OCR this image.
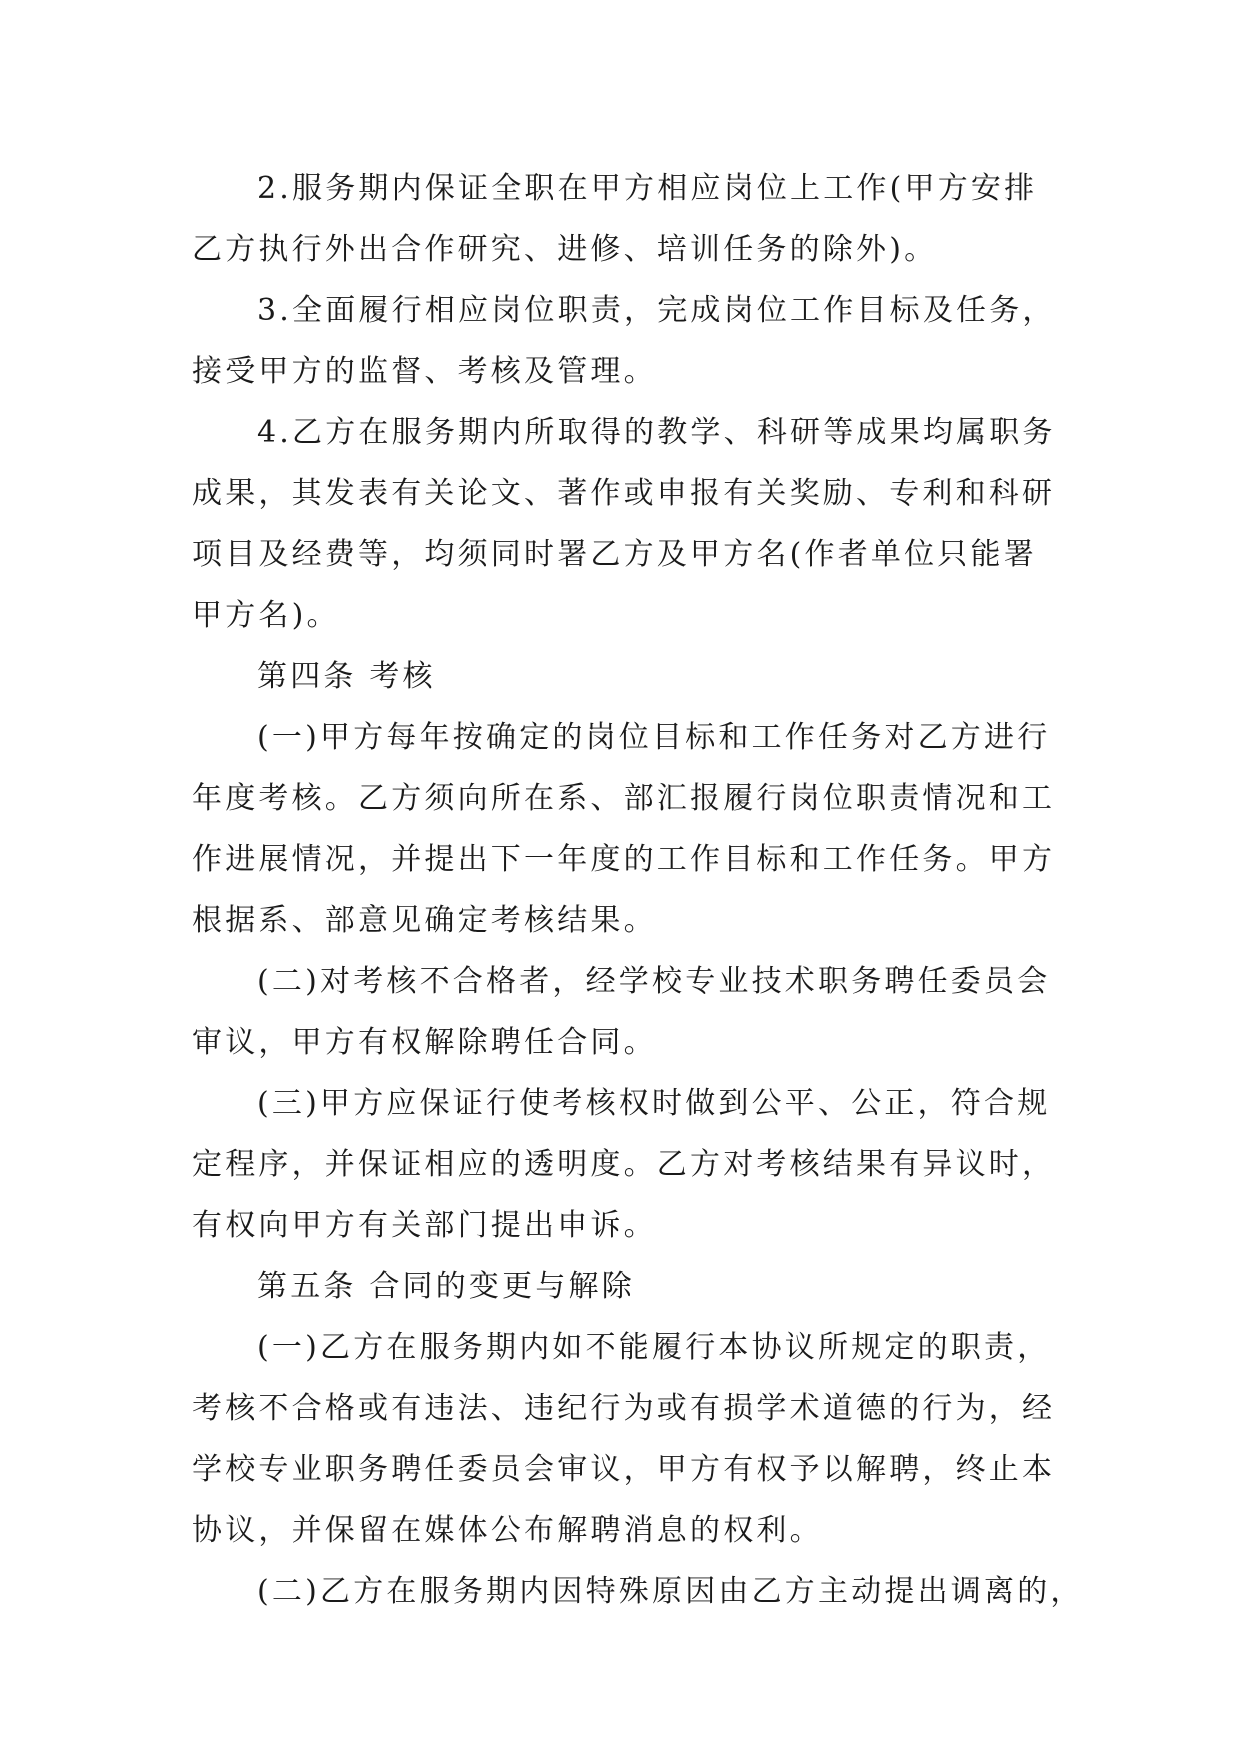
2.服务期内保证全职在甲方相应岗位上工作(甲方安排
乙方执行外出合作研究、进修、培训任务的除外)。

3.全面履行相应岗位职责，完成岗位工作目标及任务，
接受甲方的监督、考核及管理。

4.乙方在服务期内所取得的教学、科研等成果均属职务
成果，其发表有关论文、著作或申报有关奖励、专利和科研
项目及经费等，均须同时署乙方及甲方名(作者单位只能署
甲方名)。

第四条 考核

(一)甲方每年按确定的岗位目标和工作任务对乙方进行
年度考核。乙方须向所在系、部汇报履行岗位职责情况和工
作进展情况，并提出下一年度的工作目标和工作任务。甲方
根据系、部意见确定考核结果。

(二)对考核不合格者，经学校专业技术职务聘任委员会
审议，甲方有权解除聘任合同。

(三)甲方应保证行使考核权时做到公平、公正，符合规
定程序，并保证相应的透明度。乙方对考核结果有异议时，
有权向甲方有关部门提出申诉。

第五条 合同的变更与解除

(一)乙方在服务期内如不能履行本协议所规定的职责，
考核不合格或有违法、违纪行为或有损学术道德的行为，经
学校专业职务聘任委员会审议，甲方有权予以解聘，终止本
协议，并保留在媒体公布解聘消息的权利。

(二)乙方在服务期内因特殊原因由乙方主动提出调离的，
